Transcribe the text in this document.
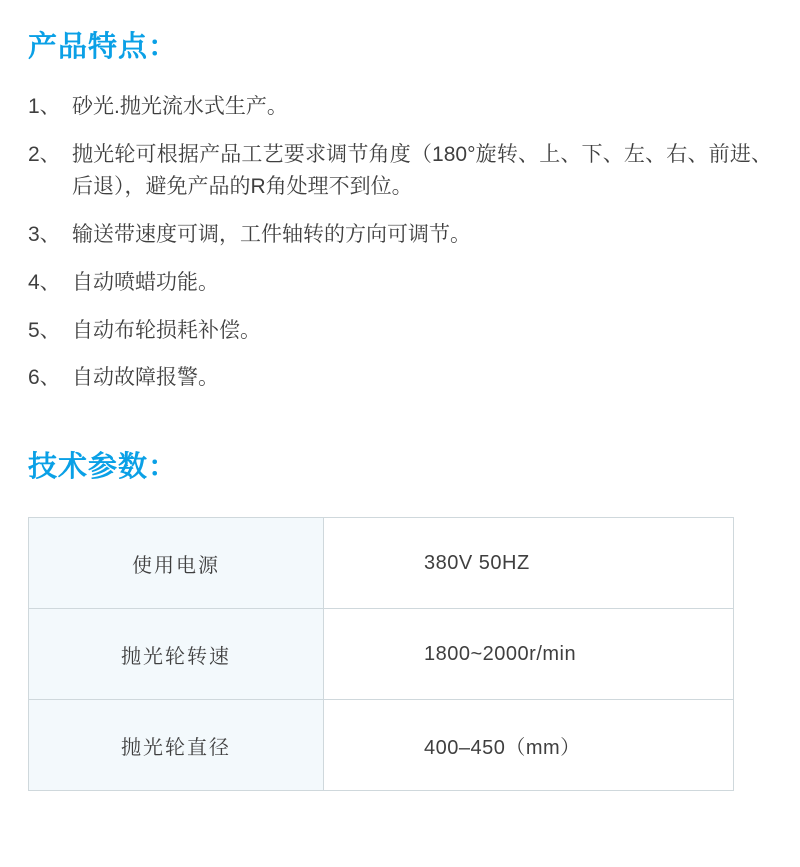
产品特点：
1、 砂光.抛光流水式生产。
2、 抛光轮可根据产品工艺要求调节角度（180°旋转、上、下、左、右、前进、后退），避免产品的R角处理不到位。
3、 输送带速度可调，工件轴转的方向可调节。
4、 自动喷蜡功能。
5、 自动布轮损耗补偿。
6、 自动故障报警。
技术参数：
使用电源	380V 50HZ
抛光轮转速	1800~2000r/min
抛光轮直径	400–450（mm）
